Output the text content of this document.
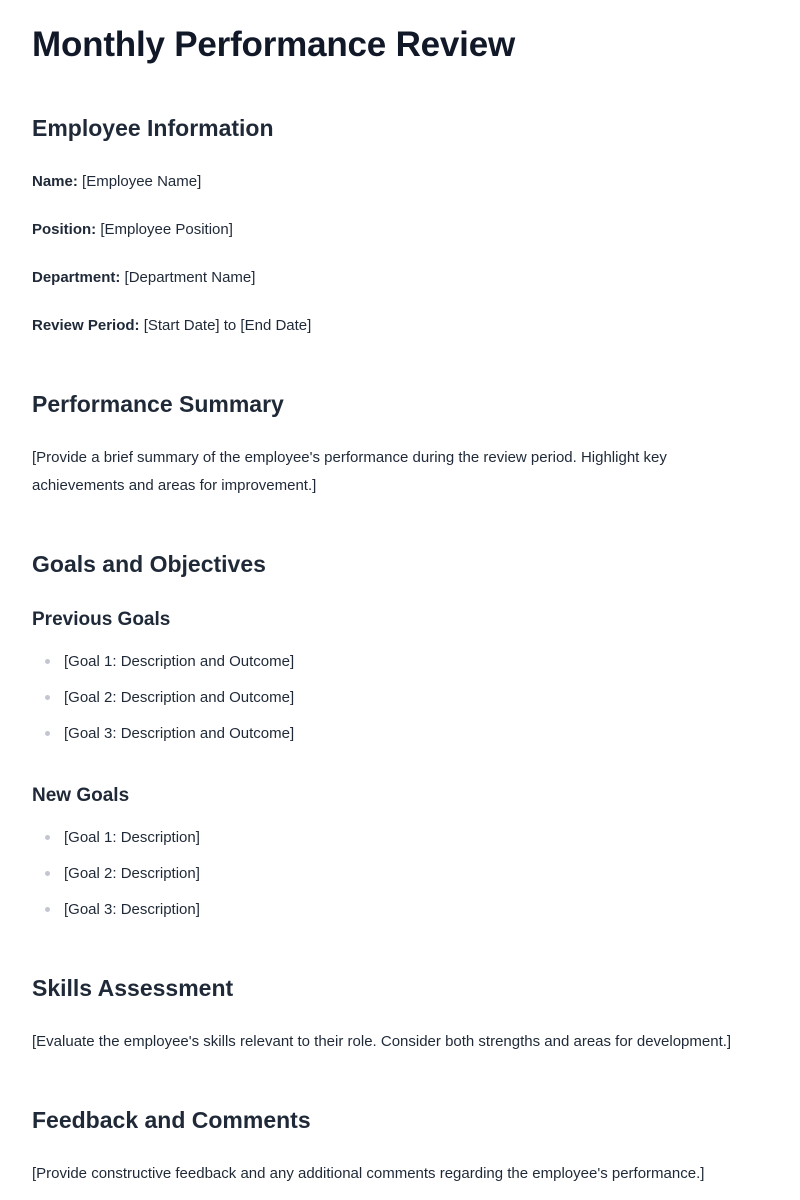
Monthly Performance Review
Employee Information
Name: [Employee Name]
Position: [Employee Position]
Department: [Department Name]
Review Period: [Start Date] to [End Date]
Performance Summary
[Provide a brief summary of the employee's performance during the review period. Highlight key
achievements and areas for improvement.]
Goals and Objectives
Previous Goals
[Goal 1: Description and Outcome]
[Goal 2: Description and Outcome]
[Goal 3: Description and Outcome]
New Goals
[Goal 1: Description]
[Goal 2: Description]
[Goal 3: Description]
Skills Assessment
[Evaluate the employee's skills relevant to their role. Consider both strengths and areas for development.]
Feedback and Comments
[Provide constructive feedback and any additional comments regarding the employee's performance.]
